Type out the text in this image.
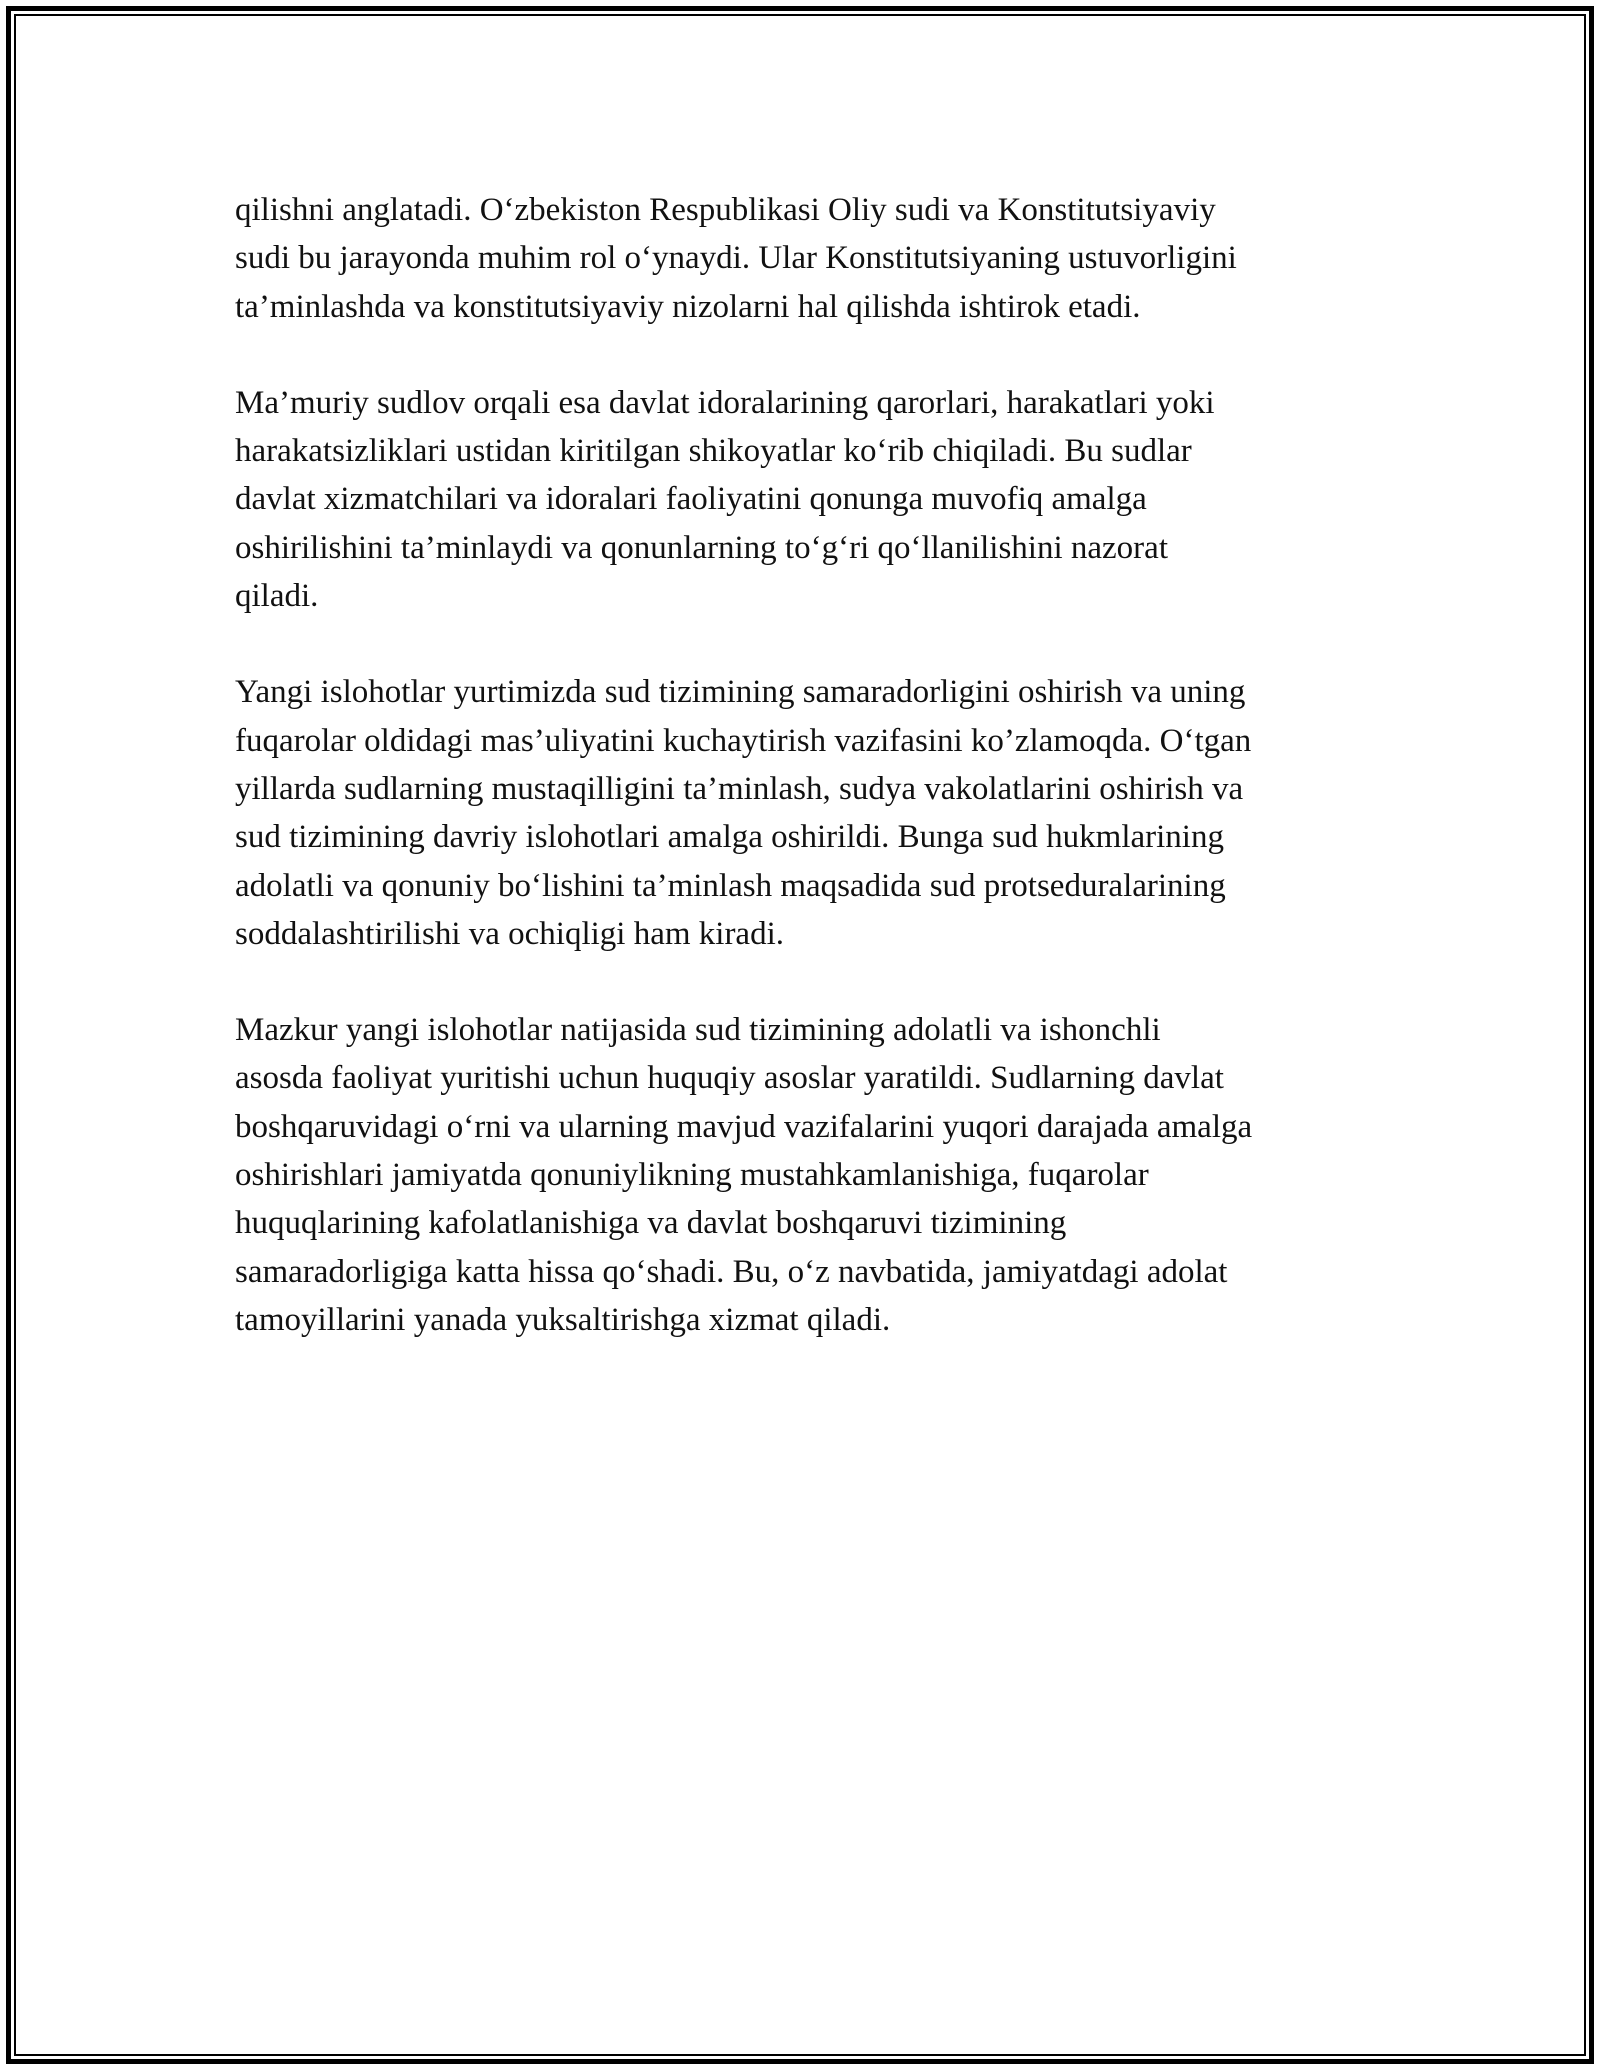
qilishni anglatadi. O‘zbekiston Respublikasi Oliy sudi va Konstitutsiyaviy
sudi bu jarayonda muhim rol o‘ynaydi. Ular Konstitutsiyaning ustuvorligini
ta’minlashda va konstitutsiyaviy nizolarni hal qilishda ishtirok etadi.

Ma’muriy sudlov orqali esa davlat idoralarining qarorlari, harakatlari yoki
harakatsizliklari ustidan kiritilgan shikoyatlar ko‘rib chiqiladi. Bu sudlar
davlat xizmatchilari va idoralari faoliyatini qonunga muvofiq amalga
oshirilishini ta’minlaydi va qonunlarning to‘g‘ri qo‘llanilishini nazorat
qiladi.

Yangi islohotlar yurtimizda sud tizimining samaradorligini oshirish va uning
fuqarolar oldidagi mas’uliyatini kuchaytirish vazifasini ko’zlamoqda. O‘tgan
yillarda sudlarning mustaqilligini ta’minlash, sudya vakolatlarini oshirish va
sud tizimining davriy islohotlari amalga oshirildi. Bunga sud hukmlarining
adolatli va qonuniy bo‘lishini ta’minlash maqsadida sud protseduralarining
soddalashtirilishi va ochiqligi ham kiradi.

Mazkur yangi islohotlar natijasida sud tizimining adolatli va ishonchli
asosda faoliyat yuritishi uchun huquqiy asoslar yaratildi. Sudlarning davlat
boshqaruvidagi o‘rni va ularning mavjud vazifalarini yuqori darajada amalga
oshirishlari jamiyatda qonuniylikning mustahkamlanishiga, fuqarolar
huquqlarining kafolatlanishiga va davlat boshqaruvi tizimining
samaradorligiga katta hissa qo‘shadi. Bu, o‘z navbatida, jamiyatdagi adolat
tamoyillarini yanada yuksaltirishga xizmat qiladi.
